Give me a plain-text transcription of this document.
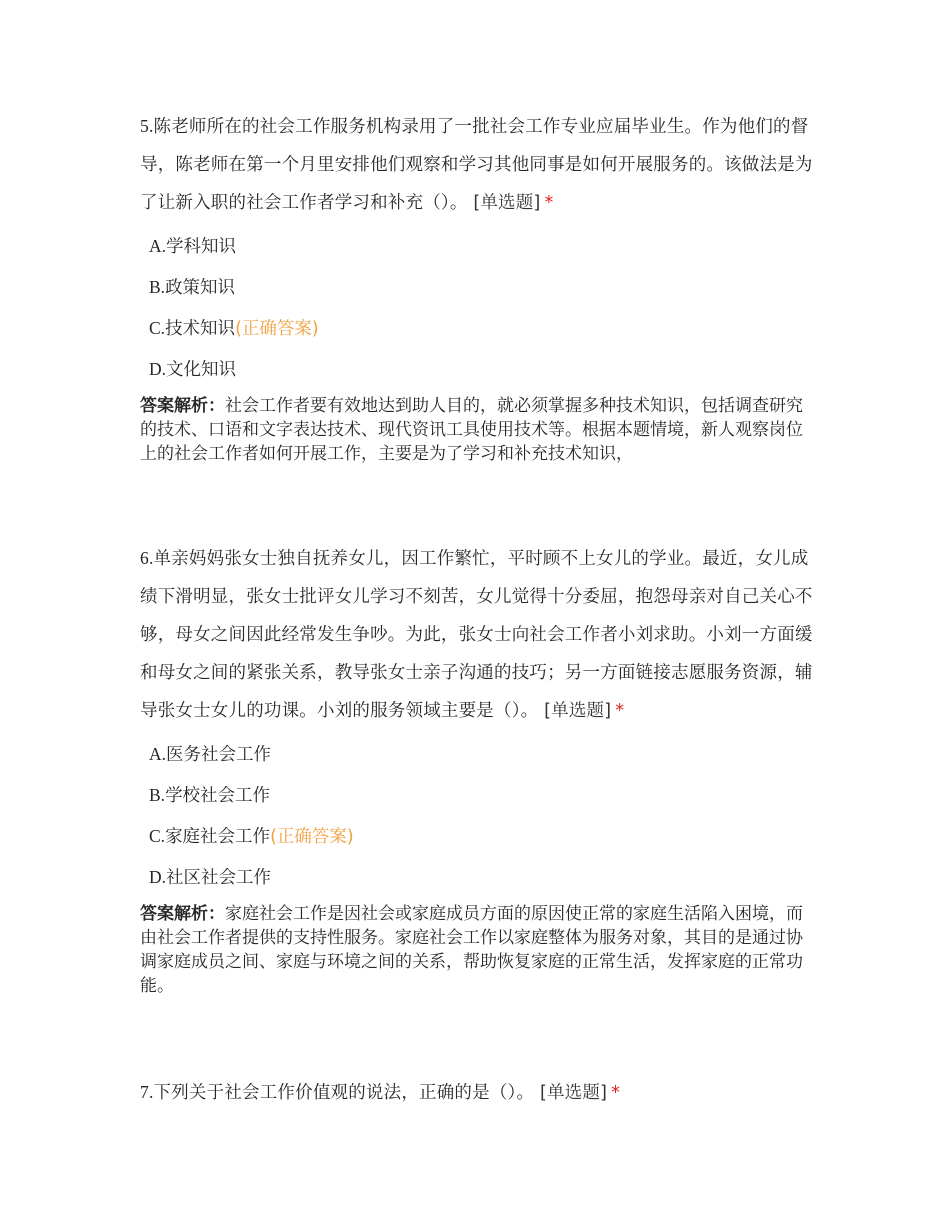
5.陈老师所在的社会工作服务机构录用了一批社会工作专业应届毕业生。作为他们的督导，陈老师在第一个月里安排他们观察和学习其他同事是如何开展服务的。该做法是为了让新入职的社会工作者学习和补充（）。 [单选题] *

A.学科知识
B.政策知识
C.技术知识(正确答案)
D.文化知识

答案解析：社会工作者要有效地达到助人目的，就必须掌握多种技术知识，包括调查研究的技术、口语和文字表达技术、现代资讯工具使用技术等。根据本题情境，新人观察岗位上的社会工作者如何开展工作，主要是为了学习和补充技术知识，

6.单亲妈妈张女士独自抚养女儿，因工作繁忙，平时顾不上女儿的学业。最近，女儿成绩下滑明显，张女士批评女儿学习不刻苦，女儿觉得十分委屈，抱怨母亲对自己关心不够，母女之间因此经常发生争吵。为此，张女士向社会工作者小刘求助。小刘一方面缓和母女之间的紧张关系，教导张女士亲子沟通的技巧；另一方面链接志愿服务资源，辅导张女士女儿的功课。小刘的服务领域主要是（）。 [单选题] *

A.医务社会工作
B.学校社会工作
C.家庭社会工作(正确答案)
D.社区社会工作

答案解析：家庭社会工作是因社会或家庭成员方面的原因使正常的家庭生活陷入困境，而由社会工作者提供的支持性服务。家庭社会工作以家庭整体为服务对象，其目的是通过协调家庭成员之间、家庭与环境之间的关系，帮助恢复家庭的正常生活，发挥家庭的正常功能。

7.下列关于社会工作价值观的说法，正确的是（）。 [单选题] *
